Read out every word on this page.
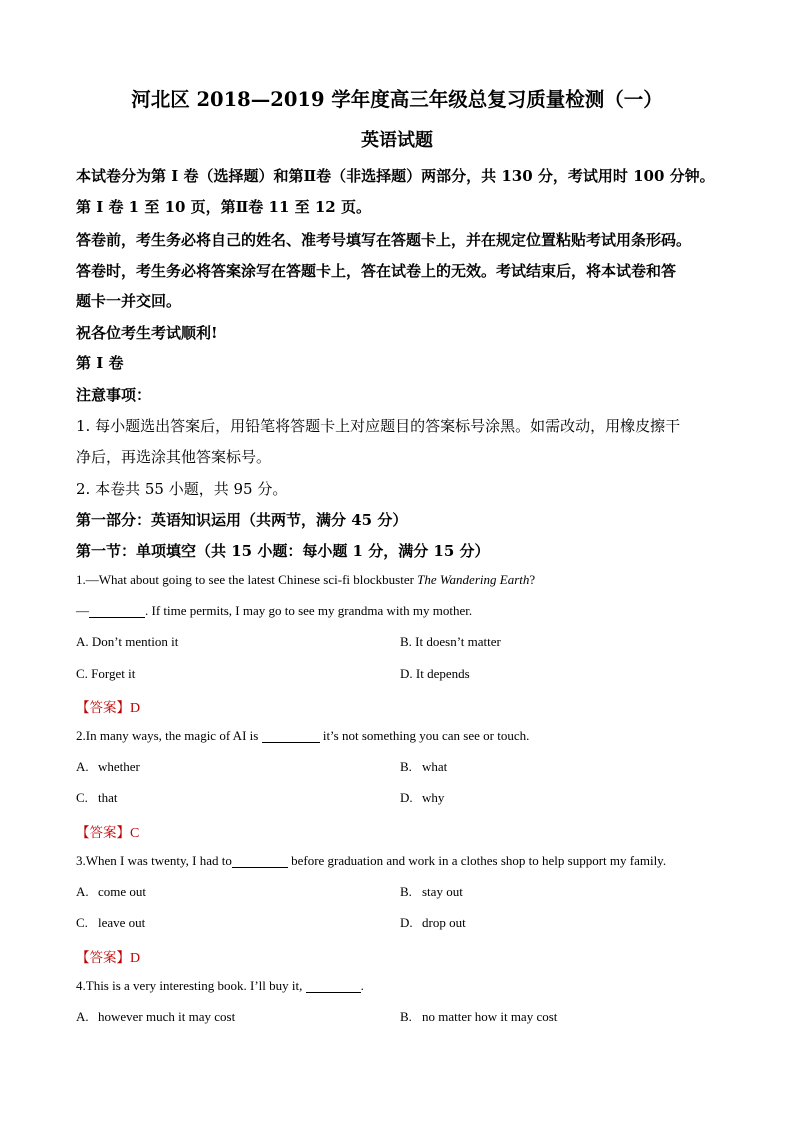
河北区 2018—2019 学年度高三年级总复习质量检测（一）
英语试题
本试卷分为第 I 卷（选择题）和第Ⅱ卷（非选择题）两部分，共 130 分，考试用时 100 分钟。
第 I 卷 1 至 10 页，第Ⅱ卷 11 至 12 页。
答卷前，考生务必将自己的姓名、准考号填写在答题卡上，并在规定位置粘贴考试用条形码。
答卷时，考生务必将答案涂写在答题卡上，答在试卷上的无效。考试结束后，将本试卷和答
题卡一并交回。
祝各位考生考试顺利!
第 I 卷
注意事项：
1. 每小题选出答案后，用铅笔将答题卡上对应题目的答案标号涂黑。如需改动，用橡皮擦干
净后，再选涂其他答案标号。
2. 本卷共 55 小题，共 95 分。
第一部分：英语知识运用（共两节，满分 45 分）
第一节：单项填空（共 15 小题：每小题 1 分，满分 15 分）
1.—What about going to see the latest Chinese sci-fi blockbuster The Wandering Earth?
—	. If time permits, I may go to see my grandma with my mother.
A. Don’t mention it	B. It doesn’t matter
C. Forget it	D. It depends
【答案】D
2.In many ways, the magic of AI is	it’s not something you can see or touch.
A. whether	B. what
C. that	D. why
【答案】C
3.When I was twenty, I had to	before graduation and work in a clothes shop to help support my family.
A. come out	B. stay out
C. leave out	D. drop out
【答案】D
4.This is a very interesting book. I’ll buy it,	.
A. however much it may cost	B. no matter how it may cost
